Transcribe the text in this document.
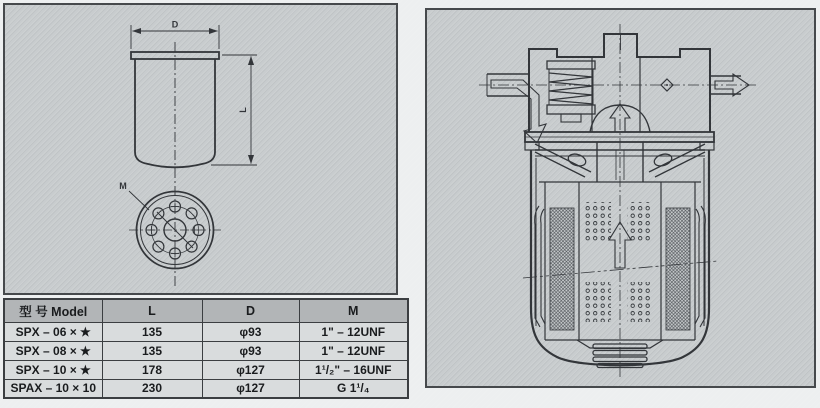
D
L
M
型 号 Model	L	D	M
SPX – 06 × ★	135	φ93	1" – 12UNF
SPX – 08 × ★	135	φ93	1" – 12UNF
SPX – 10 × ★	178	φ127	1¹/₂" – 16UNF
SPAX – 10 × 10	230	φ127	G 1¹/₄
